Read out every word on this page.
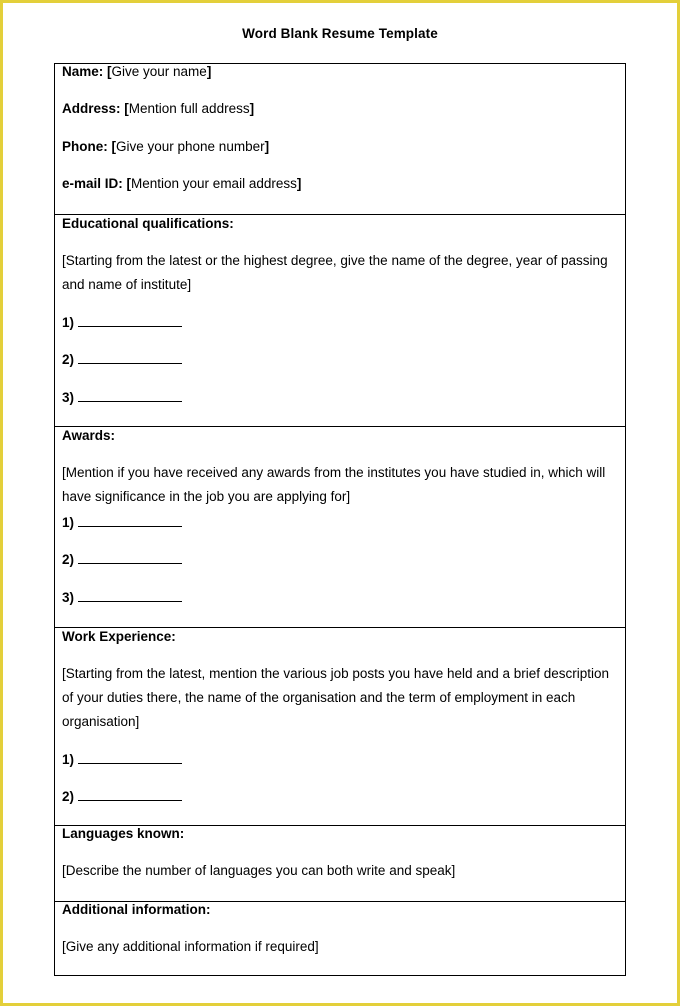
Word Blank Resume Template
Name: [Give your name]
Address: [Mention full address]
Phone: [Give your phone number]
e-mail ID: [Mention your email address]
Educational qualifications:
[Starting from the latest or the highest degree, give the name of the degree, year of passing and name of institute]
1)
2)
3)
Awards:
[Mention if you have received any awards from the institutes you have studied in, which will have significance in the job you are applying for]
1)
2)
3)
Work Experience:
[Starting from the latest, mention the various job posts you have held and a brief description of your duties there, the name of the organisation and the term of employment in each organisation]
1)
2)
Languages known:
[Describe the number of languages you can both write and speak]
Additional information:
[Give any additional information if required]
